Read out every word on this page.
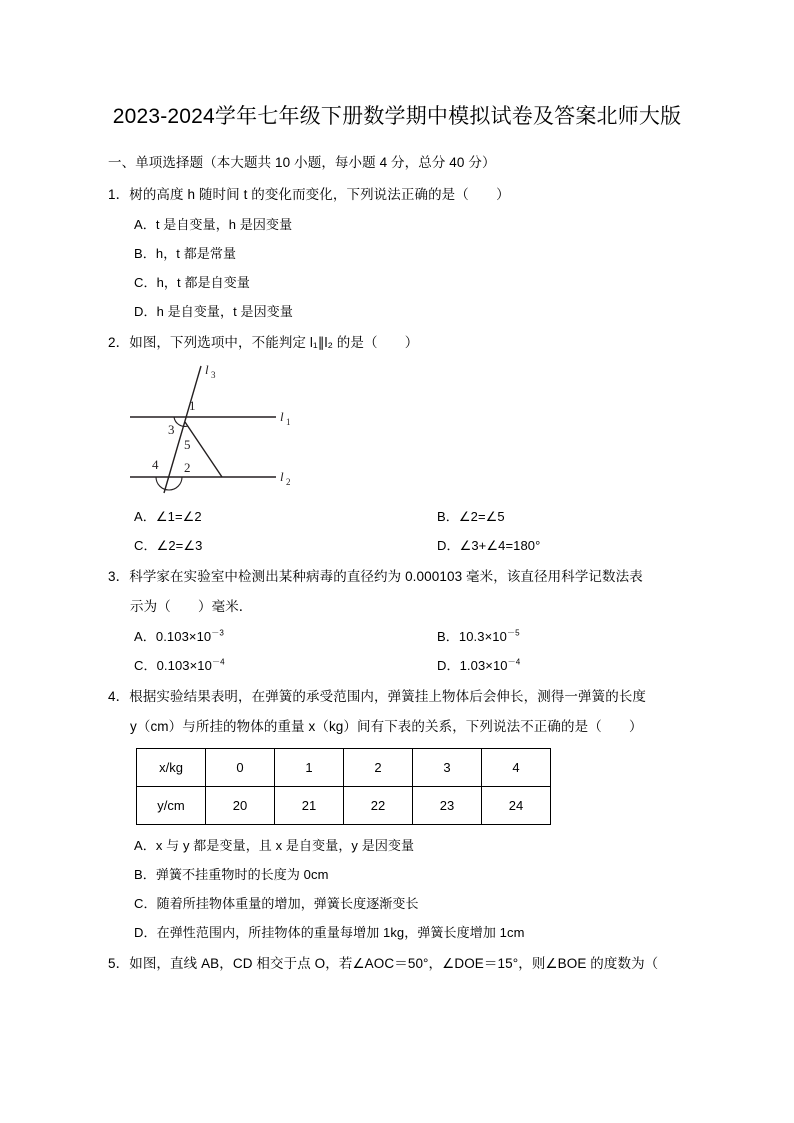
2023-2024学年七年级下册数学期中模拟试卷及答案北师大版
一、单项选择题（本大题共 10 小题，每小题 4 分，总分 40 分）
1．树的高度 h 随时间 t 的变化而变化，下列说法正确的是（　　）
A．t 是自变量，h 是因变量
B．h，t 都是常量
C．h，t 都是自变量
D．h 是自变量，t 是因变量
2．如图，下列选项中，不能判定 l₁∥l₂ 的是（　　）
l 3
l 1
l 2
1
2
3
4
5
A．∠1=∠2	B．∠2=∠5
C．∠2=∠3	D．∠3+∠4=180°
3．科学家在实验室中检测出某种病毒的直径约为 0.000103 毫米，该直径用科学记数法表
示为（　　）毫米．
A．$0.103\times 10^{-3}$	B．$10.3\times 10^{-5}$
C．$0.103\times 10^{-4}$	D．$1.03\times 10^{-4}$
4．根据实验结果表明，在弹簧的承受范围内，弹簧挂上物体后会伸长，测得一弹簧的长度
y（cm）与所挂的物体的重量 x（kg）间有下表的关系，下列说法不正确的是（　　）
x/kg	0	1	2	3	4
y/cm	20	21	22	23	24
A．x 与 y 都是变量，且 x 是自变量，y 是因变量
B．弹簧不挂重物时的长度为 0cm
C．随着所挂物体重量的增加，弹簧长度逐渐变长
D．在弹性范围内，所挂物体的重量每增加 1kg，弹簧长度增加 1cm
5．如图，直线 AB，CD 相交于点 O，若∠AOC＝50°，∠DOE＝15°，则∠BOE 的度数为（
